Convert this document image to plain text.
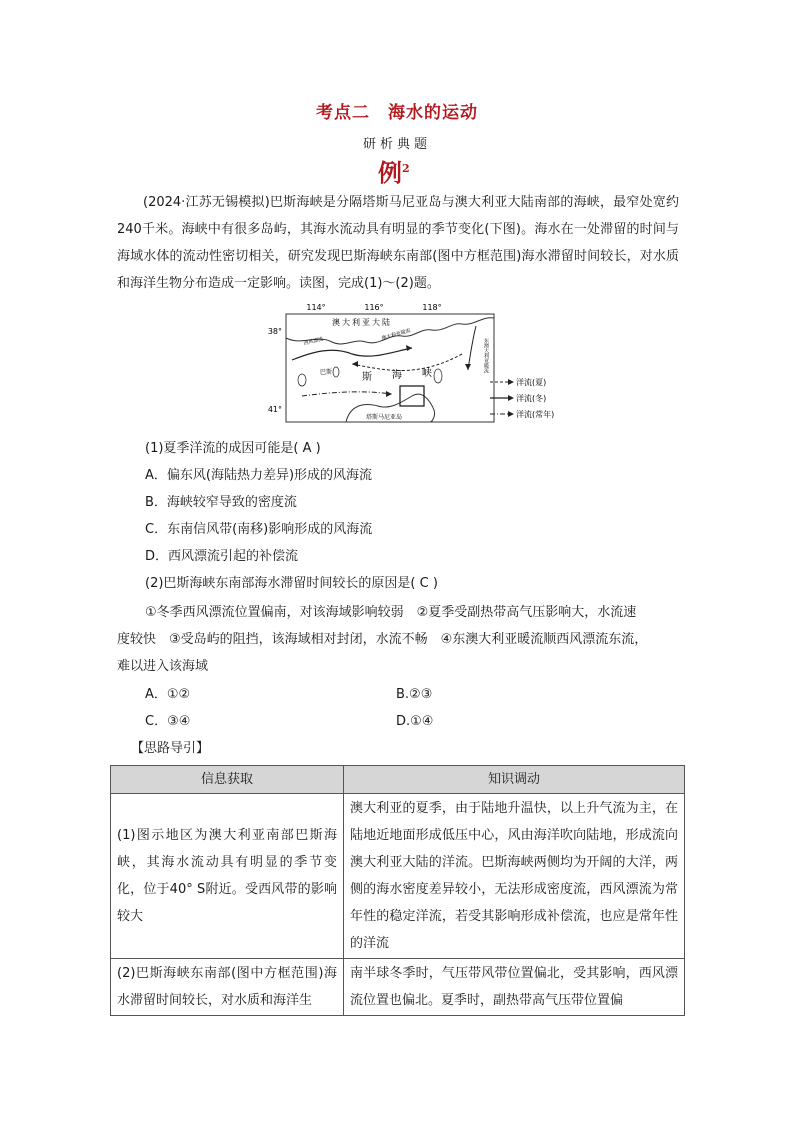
考点二　海水的运动
研析典题
例$^2$
(2024·江苏无锡模拟)巴斯海峡是分隔塔斯马尼亚岛与澳大利亚大陆南部的海峡，最窄处宽约240千米。海峡中有很多岛屿，其海水流动具有明显的季节变化(下图)。海水在一处滞留的时间与海域水体的流动性密切相关，研究发现巴斯海峡东南部(图中方框范围)海水滞留时间较长，对水质和海洋生物分布造成一定影响。读图，完成(1)～(2)题。
114°	116°	118°
38°
41°
澳大利亚大陆
塔斯马尼亚岛
西风漂流	澳大利亚暖流
东澳大利亚暖流
巴斯	斯 海 峡
洋流(夏)
洋流(冬)
洋流(常年)
(1)夏季洋流的成因可能是( A )
A．偏东风(海陆热力差异)形成的风海流
B．海峡较窄导致的密度流
C．东南信风带(南移)影响形成的风海流
D．西风漂流引起的补偿流
(2)巴斯海峡东南部海水滞留时间较长的原因是( C )
①冬季西风漂流位置偏南，对该海域影响较弱　②夏季受副热带高气压影响大，水流速
度较快　③受岛屿的阻挡，该海域相对封闭，水流不畅　④东澳大利亚暖流顺西风漂流东流，
难以进入该海域
A．①②	B.②③
C．③④	D.①④
【思路导引】
信息获取	知识调动
(1)图示地区为澳大利亚南部巴斯海峡，其海水流动具有明显的季节变化，位于40° S附近。受西风带的影响较大	澳大利亚的夏季，由于陆地升温快，以上升气流为主，在陆地近地面形成低压中心，风由海洋吹向陆地，形成流向澳大利亚大陆的洋流。巴斯海峡两侧均为开阔的大洋，两侧的海水密度差异较小，无法形成密度流，西风漂流为常年性的稳定洋流，若受其影响形成补偿流，也应是常年性的洋流
(2)巴斯海峡东南部(图中方框范围)海水滞留时间较长，对水质和海洋生	南半球冬季时，气压带风带位置偏北，受其影响，西风漂流位置也偏北。夏季时，副热带高气压带位置偏
